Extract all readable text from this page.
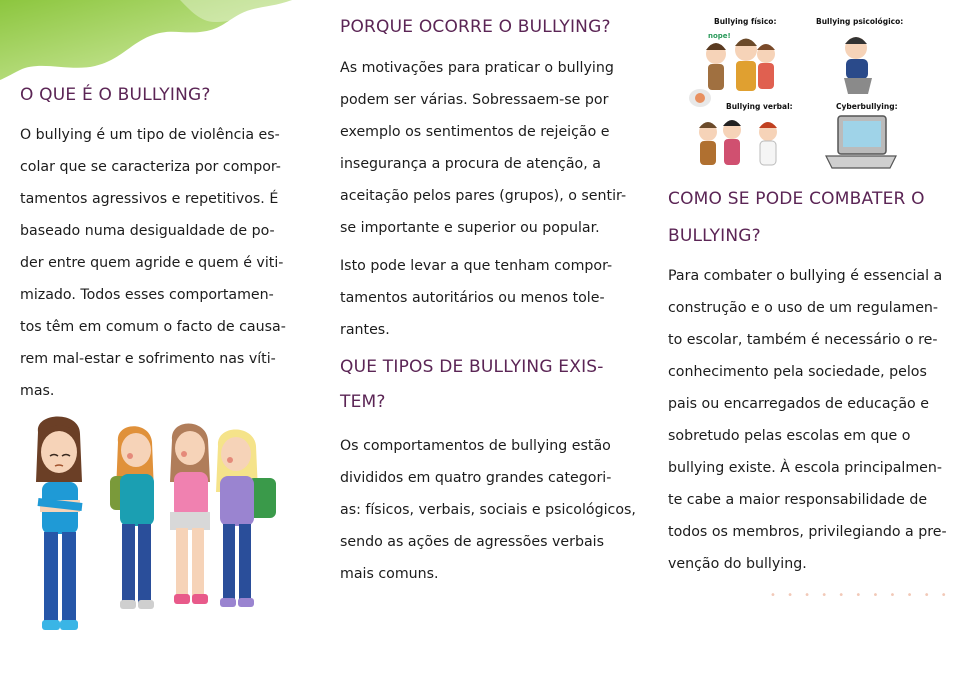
O QUE É O BULLYING?

O bullying é um tipo de violência es-

colar que se caracteriza por compor-

tamentos agressivos e repetitivos. É

baseado numa desigualdade de po-

der entre quem agride e quem é viti-

mizado. Todos esses comportamen-

tos têm em comum o facto de causa-

rem mal-estar e sofrimento nas víti-

mas.

PORQUE OCORRE O BULLYING?

As motivações para praticar o bullying

podem ser várias. Sobressaem-se por

exemplo os sentimentos de rejeição e

insegurança a procura de atenção, a

aceitação pelos pares (grupos), o sentir-

se importante e superior ou popular.

Isto pode levar a que tenham compor-

tamentos autoritários ou menos tole-

rantes.

QUE TIPOS DE BULLYING EXIS-
TEM?

Os comportamentos de bullying estão

divididos em quatro grandes categori-

as: físicos, verbais, sociais e psicológicos,

sendo as ações de agressões verbais

mais comuns.

Bullying físico:
nope!
Bullying psicológico:
Bullying verbal:	Cyberbullying:
COMO SE PODE COMBATER O
BULLYING?

Para combater o bullying é essencial a

construção e o uso de um regulamen-

to escolar, também é necessário o re-

conhecimento pela sociedade, pelos

pais ou encarregados de educação e

sobretudo pelas escolas em que o

bullying existe. À escola principalmen-

te cabe a maior responsabilidade de

todos os membros, privilegiando a pre-

venção do bullying.

• • • • • • • • • • •
